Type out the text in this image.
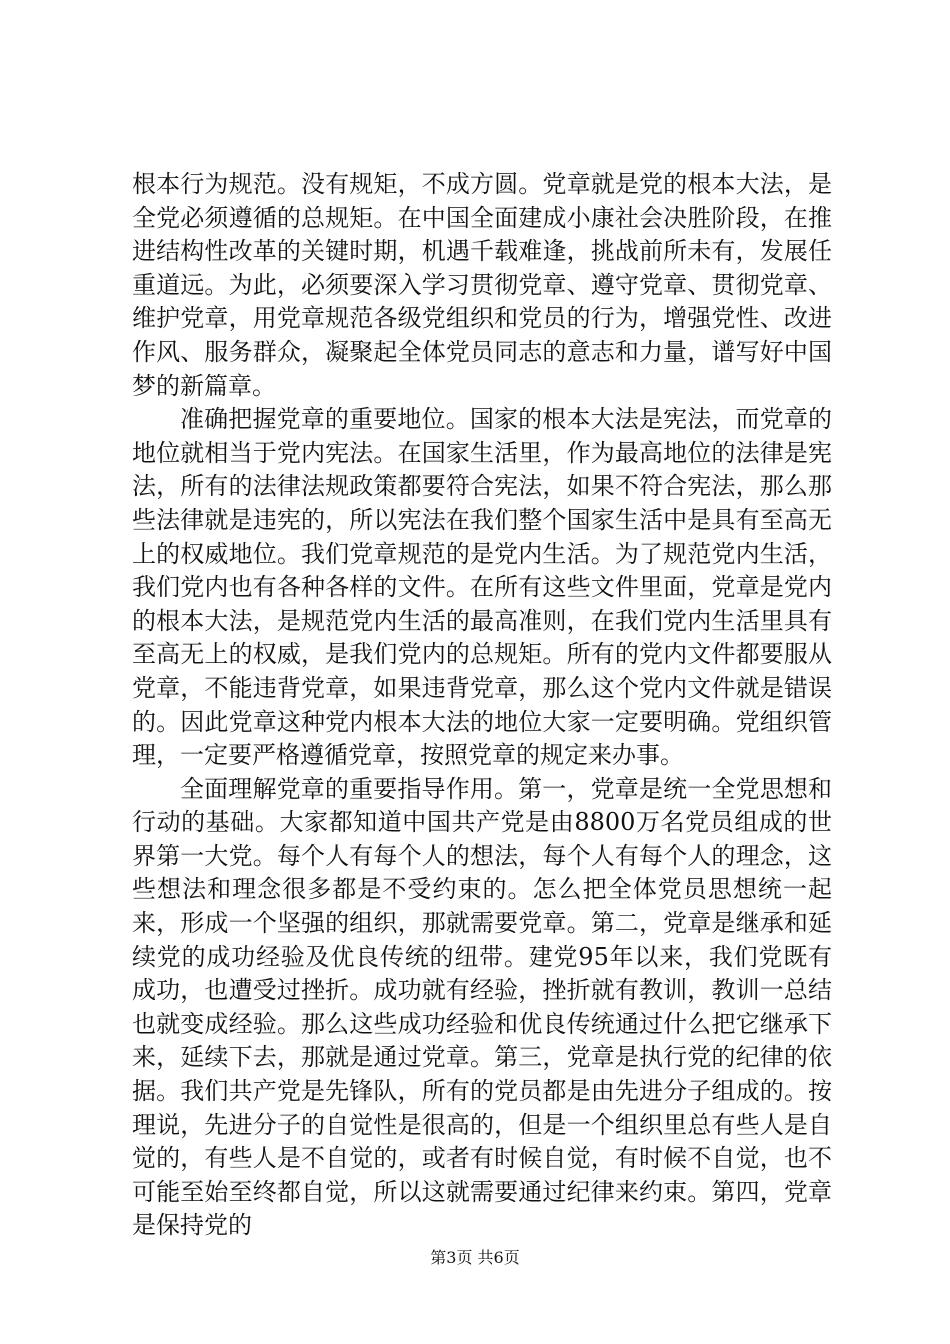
根本行为规范。没有规矩，不成方圆。党章就是党的根本大法，是全党必须遵循的总规矩。在中国全面建成小康社会决胜阶段，在推进结构性改革的关键时期，机遇千载难逢，挑战前所未有，发展任重道远。为此，必须要深入学习贯彻党章、遵守党章、贯彻党章、维护党章，用党章规范各级党组织和党员的行为，增强党性、改进作风、服务群众，凝聚起全体党员同志的意志和力量，谱写好中国梦的新篇章。

准确把握党章的重要地位。国家的根本大法是宪法，而党章的地位就相当于党内宪法。在国家生活里，作为最高地位的法律是宪法，所有的法律法规政策都要符合宪法，如果不符合宪法，那么那些法律就是违宪的，所以宪法在我们整个国家生活中是具有至高无上的权威地位。我们党章规范的是党内生活。为了规范党内生活，我们党内也有各种各样的文件。在所有这些文件里面，党章是党内的根本大法，是规范党内生活的最高准则，在我们党内生活里具有至高无上的权威，是我们党内的总规矩。所有的党内文件都要服从党章，不能违背党章，如果违背党章，那么这个党内文件就是错误的。因此党章这种党内根本大法的地位大家一定要明确。党组织管理，一定要严格遵循党章，按照党章的规定来办事。

全面理解党章的重要指导作用。第一，党章是统一全党思想和行动的基础。大家都知道中国共产党是由8800万名党员组成的世界第一大党。每个人有每个人的想法，每个人有每个人的理念，这些想法和理念很多都是不受约束的。怎么把全体党员思想统一起来，形成一个坚强的组织，那就需要党章。第二，党章是继承和延续党的成功经验及优良传统的纽带。建党95年以来，我们党既有成功，也遭受过挫折。成功就有经验，挫折就有教训，教训一总结也就变成经验。那么这些成功经验和优良传统通过什么把它继承下来，延续下去，那就是通过党章。第三，党章是执行党的纪律的依据。我们共产党是先锋队，所有的党员都是由先进分子组成的。按理说，先进分子的自觉性是很高的，但是一个组织里总有些人是自觉的，有些人是不自觉的，或者有时候自觉，有时候不自觉，也不可能至始至终都自觉，所以这就需要通过纪律来约束。第四，党章是保持党的

第3页 共6页
